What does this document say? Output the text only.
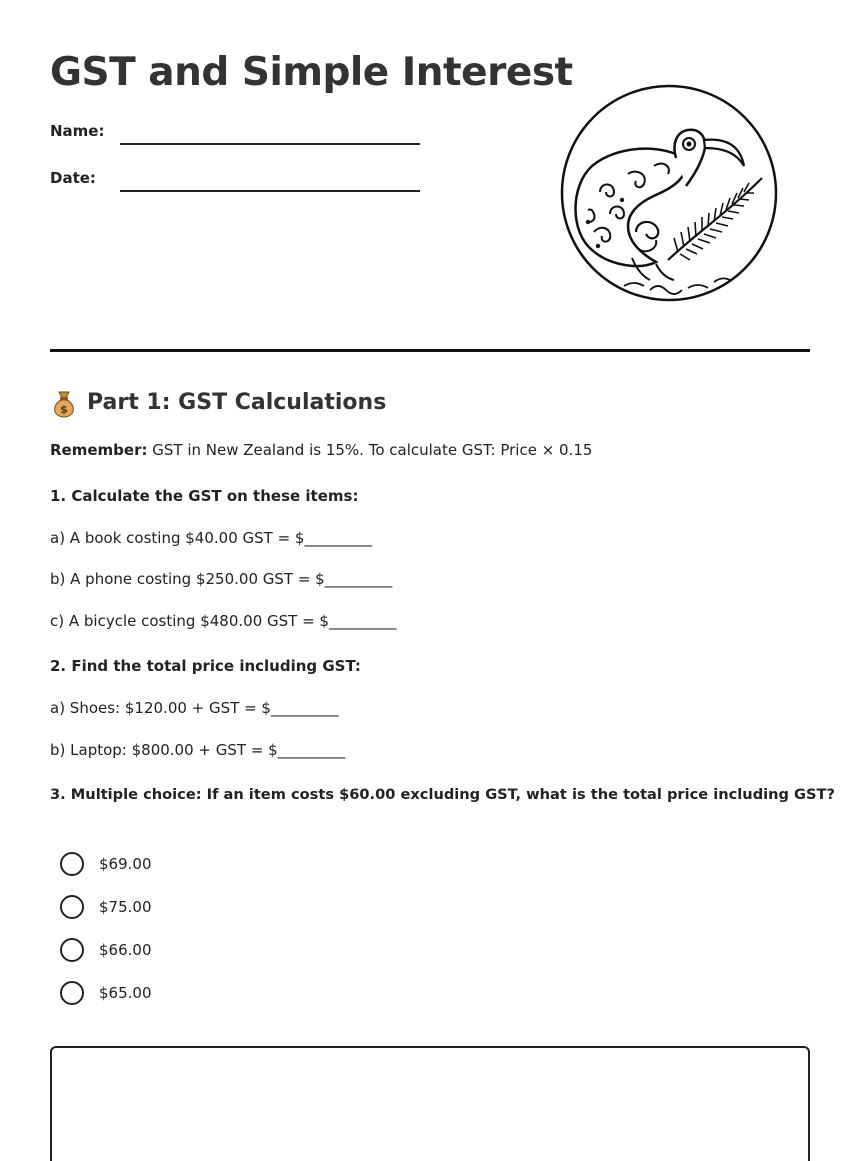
GST and Simple Interest
Name:
Date:
$ Part 1: GST Calculations
Remember: GST in New Zealand is 15%. To calculate GST: Price × 0.15
1. Calculate the GST on these items:
a) A book costing $40.00 GST = $_________
b) A phone costing $250.00 GST = $_________
c) A bicycle costing $480.00 GST = $_________
2. Find the total price including GST:
a) Shoes: $120.00 + GST = $_________
b) Laptop: $800.00 + GST = $_________
3. Multiple choice: If an item costs $60.00 excluding GST, what is the total price including GST?
$69.00
$75.00
$66.00
$65.00
